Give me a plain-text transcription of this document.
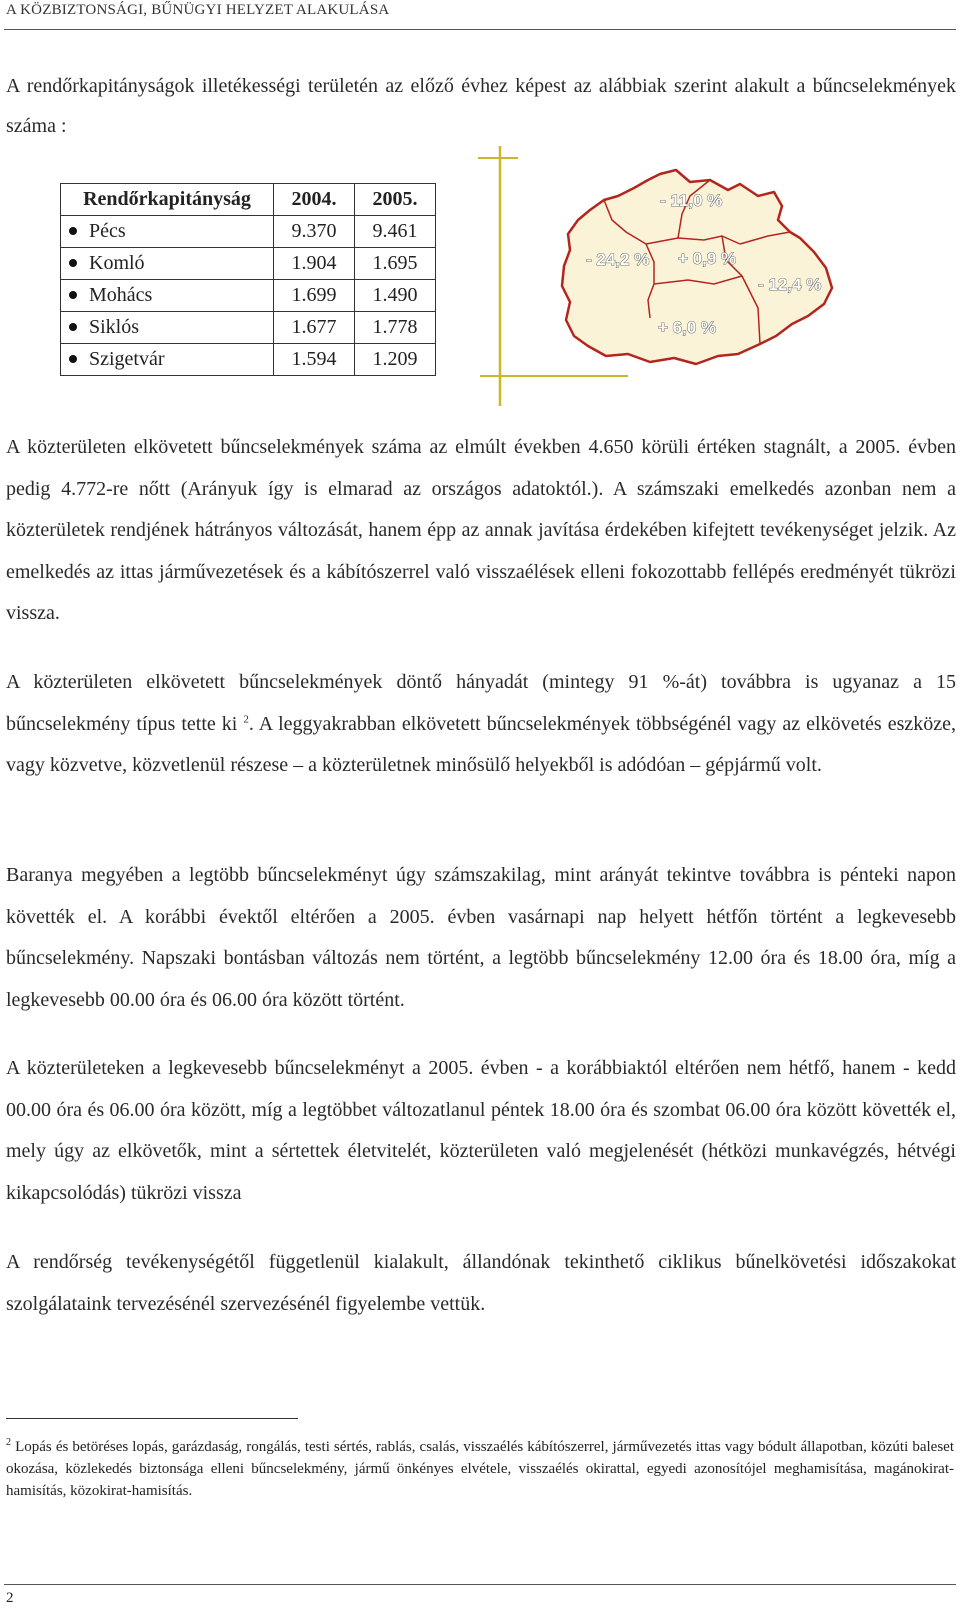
A KÖZBIZTONSÁGI, BŰNÜGYI HELYZET ALAKULÁSA
A rendőrkapitányságok illetékességi területén az előző évhez képest az alábbiak szerint alakult a bűncselekmények száma :
Rendőrkapitányság	2004.	2005.
Pécs	9.370	9.461
Komló	1.904	1.695
Mohács	1.699	1.490
Siklós	1.677	1.778
Szigetvár	1.594	1.209
- 11,0 %
- 24,2 % + 0,9 %
- 12,4 %
+ 6,0 %
A közterületen elkövetett bűncselekmények száma az elmúlt években 4.650 körüli értéken stagnált, a 2005. évben pedig 4.772-re nőtt (Arányuk így is elmarad az országos adatoktól.). A számszaki emelkedés azonban nem a közterületek rendjének hátrányos változását, hanem épp az annak javítása érdekében kifejtett tevékenységet jelzik. Az emelkedés az ittas járművezetések és a kábítószerrel való visszaélések elleni fokozottabb fellépés eredményét tükrözi vissza.
A közterületen elkövetett bűncselekmények döntő hányadát (mintegy 91 %-át) továbbra is ugyanaz a 15 bűncselekmény típus tette ki $^2$. A leggyakrabban elkövetett bűncselekmények többségénél vagy az elkövetés eszköze, vagy közvetve, közvetlenül részese – a közterületnek minősülő helyekből is adódóan – gépjármű volt.
Baranya megyében a legtöbb bűncselekményt úgy számszakilag, mint arányát tekintve továbbra is pénteki napon követték el. A korábbi évektől eltérően a 2005. évben vasárnapi nap helyett hétfőn történt a legkevesebb bűncselekmény. Napszaki bontásban változás nem történt, a legtöbb bűncselekmény 12.00 óra és 18.00 óra, míg a legkevesebb 00.00 óra és 06.00 óra között történt.
A közterületeken a legkevesebb bűncselekményt a 2005. évben - a korábbiaktól eltérően nem hétfő, hanem - kedd 00.00 óra és 06.00 óra között, míg a legtöbbet változatlanul péntek 18.00 óra és szombat 06.00 óra között követték el, mely úgy az elkövetők, mint a sértettek életvitelét, közterületen való megjelenését (hétközi munkavégzés, hétvégi kikapcsolódás) tükrözi vissza
A rendőrség tevékenységétől függetlenül kialakult, állandónak tekinthető ciklikus bűnelkövetési időszakokat szolgálataink tervezésénél szervezésénél figyelembe vettük.
$^2$ Lopás és betöréses lopás, garázdaság, rongálás, testi sértés, rablás, csalás, visszaélés kábítószerrel, járművezetés ittas vagy bódult állapotban, közúti baleset okozása, közlekedés biztonsága elleni bűncselekmény, jármű önkényes elvétele, visszaélés okirattal, egyedi azonosítójel meghamisítása, magánokirat-hamisítás, közokirat-hamisítás.
2
